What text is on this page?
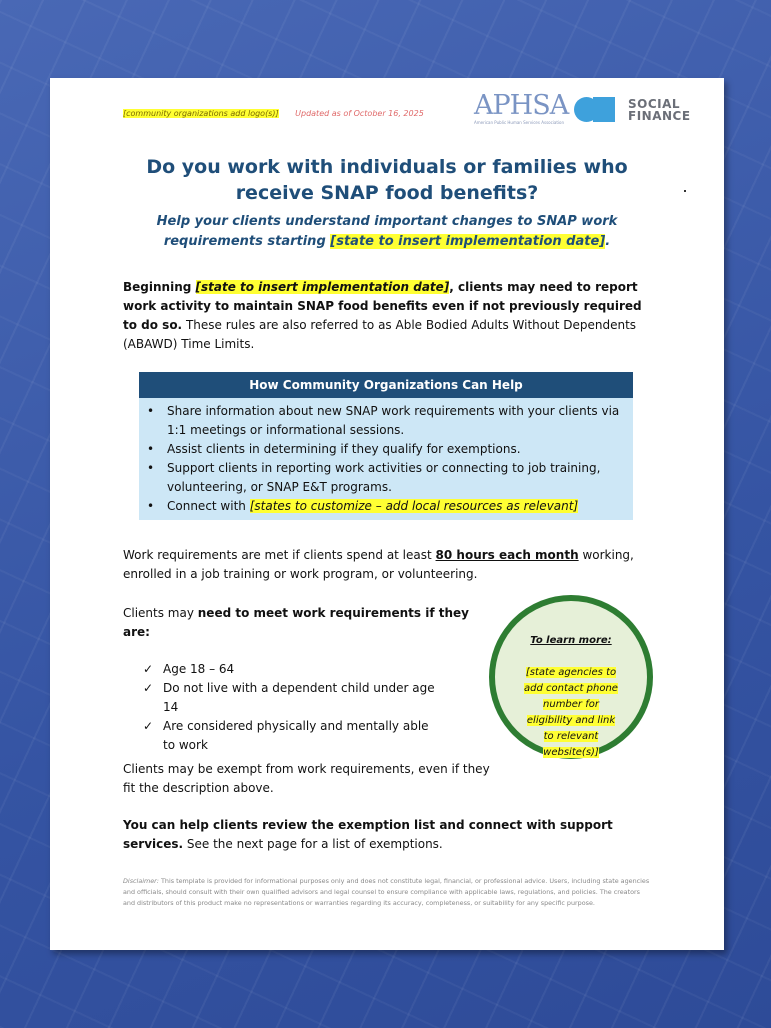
[community organizations add logo(s)] Updated as of October 16, 2025 APHSA
American Public Human Services Association
SOCIAL
FINANCE
Do you work with individuals or families who
receive SNAP food benefits?
Help your clients understand important changes to SNAP work
requirements starting [state to insert implementation date].
Beginning [state to insert implementation date], clients may need to report work activity to maintain SNAP food benefits even if not previously required to do so. These rules are also referred to as Able Bodied Adults Without Dependents (ABAWD) Time Limits.
How Community Organizations Can Help
• Share information about new SNAP work requirements with your clients via 1:1 meetings or informational sessions.
• Assist clients in determining if they qualify for exemptions.
• Support clients in reporting work activities or connecting to job training, volunteering, or SNAP E&T programs.
• Connect with [states to customize – add local resources as relevant]
Work requirements are met if clients spend at least 80 hours each month working, enrolled in a job training or work program, or volunteering.
Clients may need to meet work requirements if they are:
✓ Age 18 – 64
✓ Do not live with a dependent child under age 14
✓ Are considered physically and mentally able to work
Clients may be exempt from work requirements, even if they fit the description above.
You can help clients review the exemption list and connect with support services. See the next page for a list of exemptions.
Disclaimer: This template is provided for informational purposes only and does not constitute legal, financial, or professional advice. Users, including state agencies and officials, should consult with their own qualified advisors and legal counsel to ensure compliance with applicable laws, regulations, and policies. The creators and distributors of this product make no representations or warranties regarding its accuracy, completeness, or suitability for any specific purpose.
To learn more:
[state agencies to add contact phone number for eligibility and link to relevant website(s)]
